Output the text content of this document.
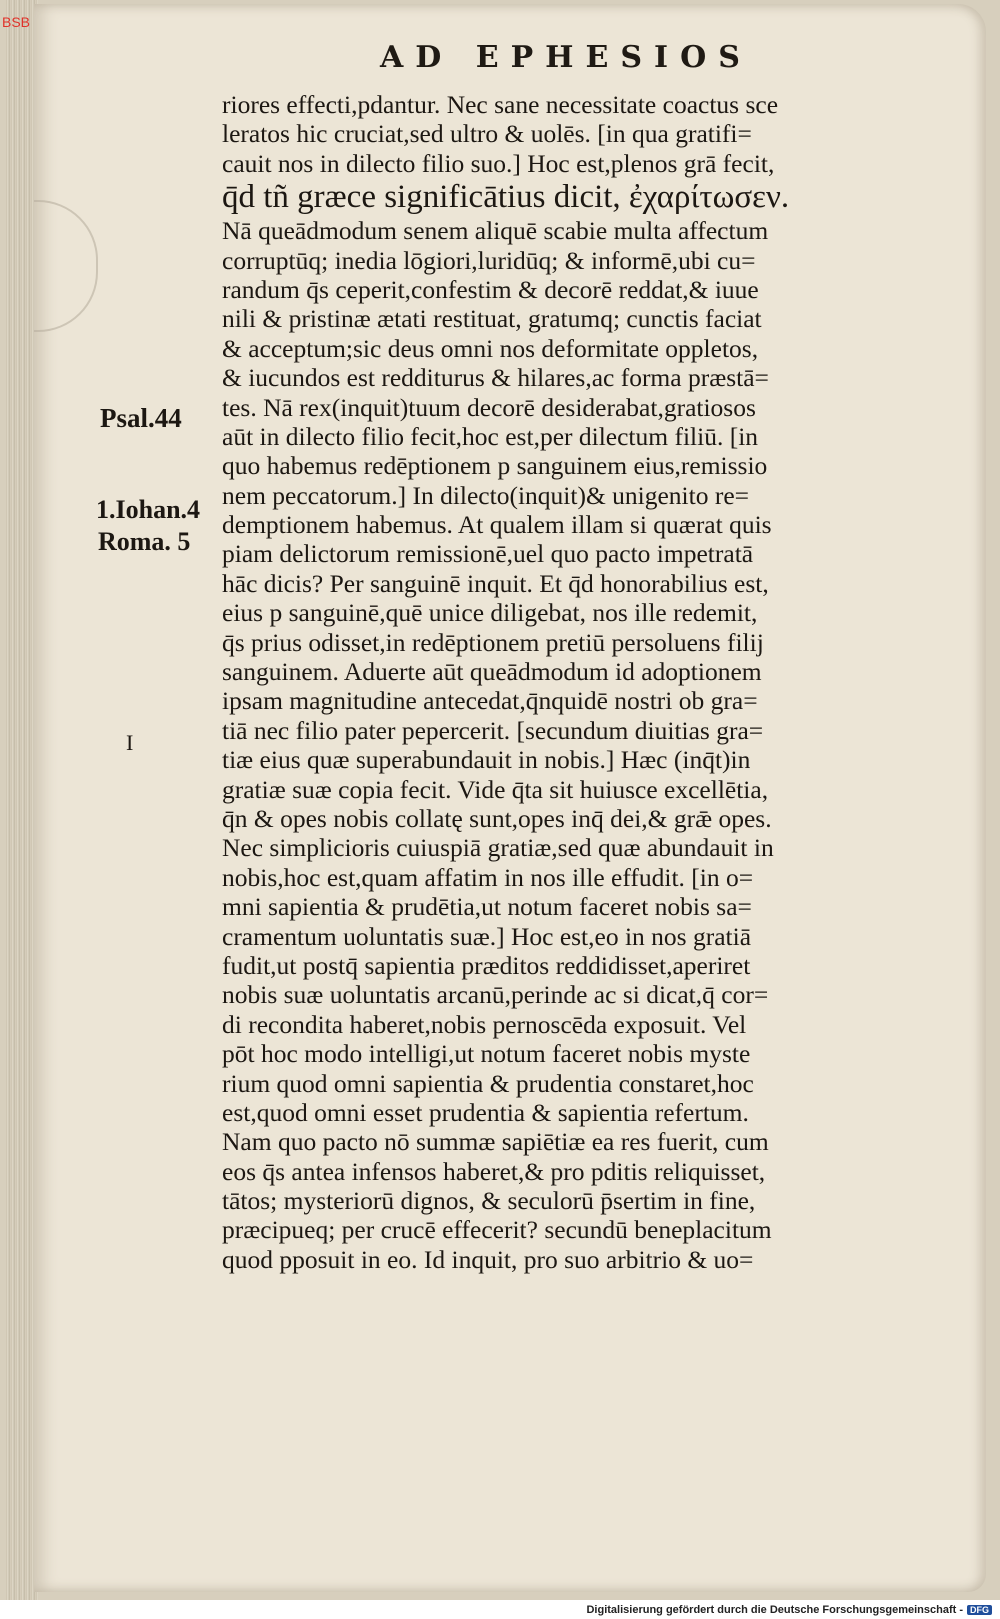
BSB
AD EPHESIOS
riores effecti,pdantur. Nec sane necessitate coactus sce
leratos hic cruciat,sed ultro & uolēs. [in qua gratifi=
cauit nos in dilecto filio suo.] Hoc est,plenos grā fecit,
q̄d tñ græce significātius dicit, ἐχαρίτωσεν.
Nā queādmodum senem aliquē scabie multa affectum
corruptūq; inedia lōgiori,luridūq; & informē,ubi cu=
randum q̄s ceperit,confestim & decorē reddat,& iuue
nili & pristinæ ætati restituat, gratumq; cunctis faciat
& acceptum;sic deus omni nos deformitate oppletos,
& iucundos est redditurus & hilares,ac forma præstā=
tes. Nā rex(inquit)tuum decorē desiderabat,gratiosos
aūt in dilecto filio fecit,hoc est,per dilectum filiū. [in
quo habemus redēptionem p sanguinem eius,remissio
nem peccatorum.] In dilecto(inquit)& unigenito re=
demptionem habemus. At qualem illam si quærat quis
piam delictorum remissionē,uel quo pacto impetratā
hāc dicis? Per sanguinē inquit. Et q̄d honorabilius est,
eius p sanguinē,quē unice diligebat, nos ille redemit,
q̄s prius odisset,in redēptionem pretiū persoluens filij
sanguinem. Aduerte aūt queādmodum id adoptionem
ipsam magnitudine antecedat,q̄nquidē nostri ob gra=
tiā nec filio pater pepercerit. [secundum diuitias gra=
tiæ eius quæ superabundauit in nobis.] Hæc (inq̄t)in
gratiæ suæ copia fecit. Vide q̄ta sit huiusce excellētia,
q̄n & opes nobis collatę sunt,opes inq̄ dei,& grǣ opes.
Nec simplicioris cuiuspiā gratiæ,sed quæ abundauit in
nobis,hoc est,quam affatim in nos ille effudit. [in o=
mni sapientia & prudētia,ut notum faceret nobis sa=
cramentum uoluntatis suæ.] Hoc est,eo in nos gratiā
fudit,ut postq̄ sapientia præditos reddidisset,aperiret
nobis suæ uoluntatis arcanū,perinde ac si dicat,q̄ cor=
di recondita haberet,nobis pernoscēda exposuit. Vel
pōt hoc modo intelligi,ut notum faceret nobis myste
rium quod omni sapientia & prudentia constaret,hoc
est,quod omni esset prudentia & sapientia refertum.
Nam quo pacto nō summæ sapiētiæ ea res fuerit, cum
eos q̄s antea infensos haberet,& pro pditis reliquisset,
tātos; mysteriorū dignos, & seculorū p̄sertim in fine,
præcipueq; per crucē effecerit? secundū beneplacitum
quod pposuit in eo. Id inquit, pro suo arbitrio & uo=
Psal.44
1.Iohan.4
Roma. 5
I
Digitalisierung gefördert durch die Deutsche Forschungsgemeinschaft - DFG
